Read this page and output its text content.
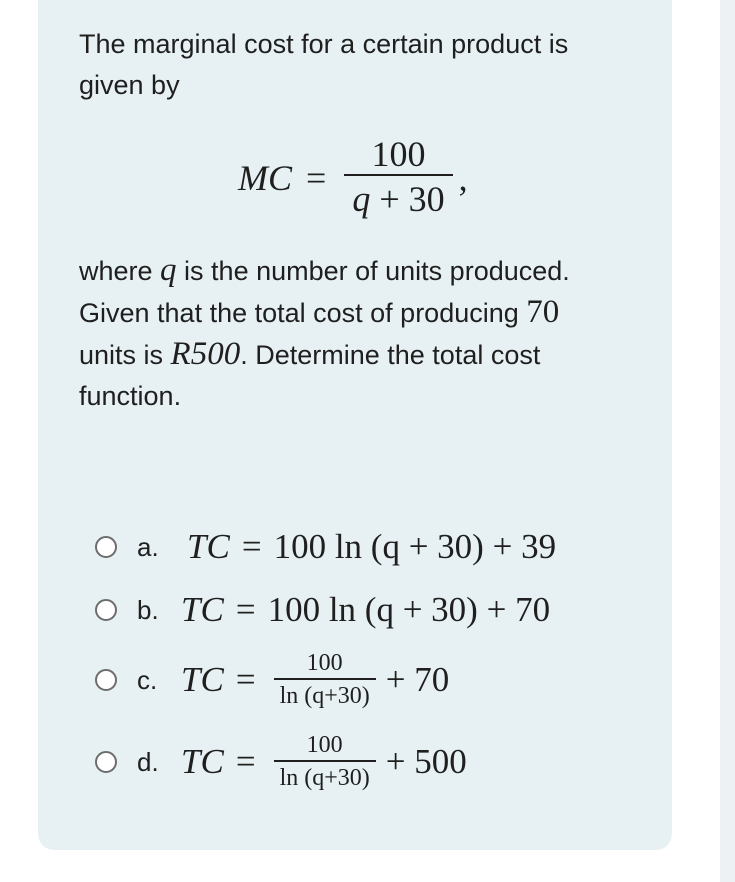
The marginal cost for a certain product is
given by
MC = $\frac{100}{q + 30}$ ,
where q is the number of units produced.
Given that the total cost of producing 70
units is R500. Determine the total cost
function.
a. TC = 100 ln (q + 30) + 39
b. TC = 100 ln (q + 30) + 70
c. TC = $\frac{100}{\ln (q+30)} + 70$
d. TC = $\frac{100}{\ln (q+30)} + 500$
